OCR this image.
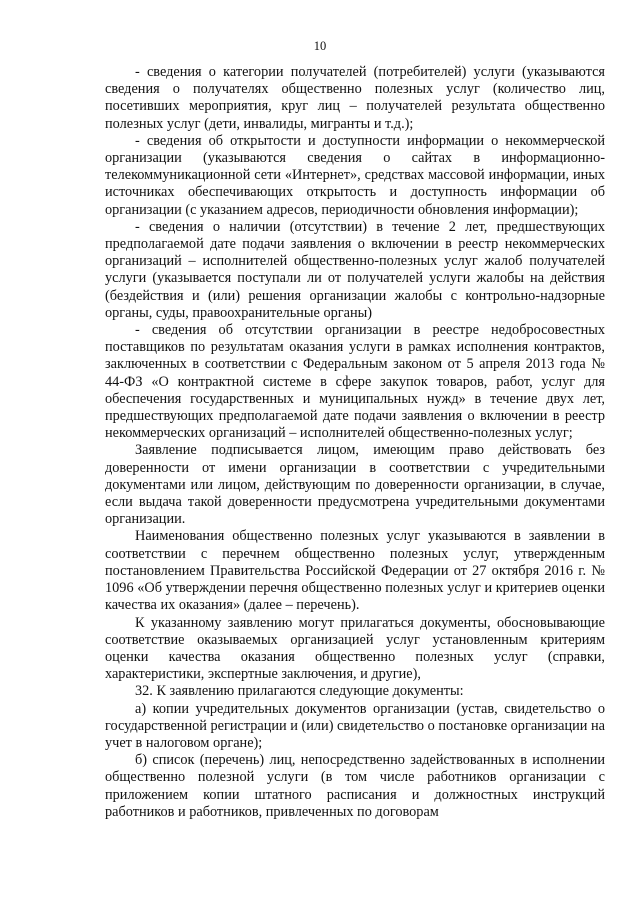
10

- сведения о категории получателей (потребителей) услуги (указываются сведения о получателях общественно полезных услуг (количество лиц, посетивших мероприятия, круг лиц – получателей результата общественно полезных услуг (дети, инвалиды, мигранты и т.д.);

- сведения об открытости и доступности информации о некоммерческой организации (указываются сведения о сайтах в информационно-телекоммуникационной сети «Интернет», средствах массовой информации, иных источниках обеспечивающих открытость и доступность информации об организации (с указанием адресов, периодичности обновления информации);

- сведения о наличии (отсутствии) в течение 2 лет, предшествующих предполагаемой дате подачи заявления о включении в реестр некоммерческих организаций – исполнителей общественно-полезных услуг жалоб получателей услуги (указывается поступали ли от получателей услуги жалобы на действия (бездействия и (или) решения организации жалобы с контрольно-надзорные органы, суды, правоохранительные органы)

- сведения об отсутствии организации в реестре недобросовестных поставщиков по результатам оказания услуги в рамках исполнения контрактов, заключенных в соответствии с Федеральным законом от 5 апреля 2013 года № 44-ФЗ «О контрактной системе в сфере закупок товаров, работ, услуг для обеспечения государственных и муниципальных нужд» в течение двух лет, предшествующих предполагаемой дате подачи заявления о включении в реестр некоммерческих организаций – исполнителей общественно-полезных услуг;

Заявление подписывается лицом, имеющим право действовать без доверенности от имени организации в соответствии с учредительными документами или лицом, действующим по доверенности организации, в случае, если выдача такой доверенности предусмотрена учредительными документами организации.

Наименования общественно полезных услуг указываются в заявлении в соответствии с перечнем общественно полезных услуг, утвержденным постановлением Правительства Российской Федерации от 27 октября 2016 г. № 1096 «Об утверждении перечня общественно полезных услуг и критериев оценки качества их оказания» (далее – перечень).

К указанному заявлению могут прилагаться документы, обосновывающие соответствие оказываемых организацией услуг установленным критериям оценки качества оказания общественно полезных услуг (справки, характеристики, экспертные заключения, и другие),

32. К заявлению прилагаются следующие документы:

а) копии учредительных документов организации (устав, свидетельство о государственной регистрации и (или) свидетельство о постановке организации на учет в налоговом органе);

б) список (перечень) лиц, непосредственно задействованных в исполнении общественно полезной услуги (в том числе работников организации с приложением копии штатного расписания и должностных инструкций работников и работников, привлеченных по договорам
